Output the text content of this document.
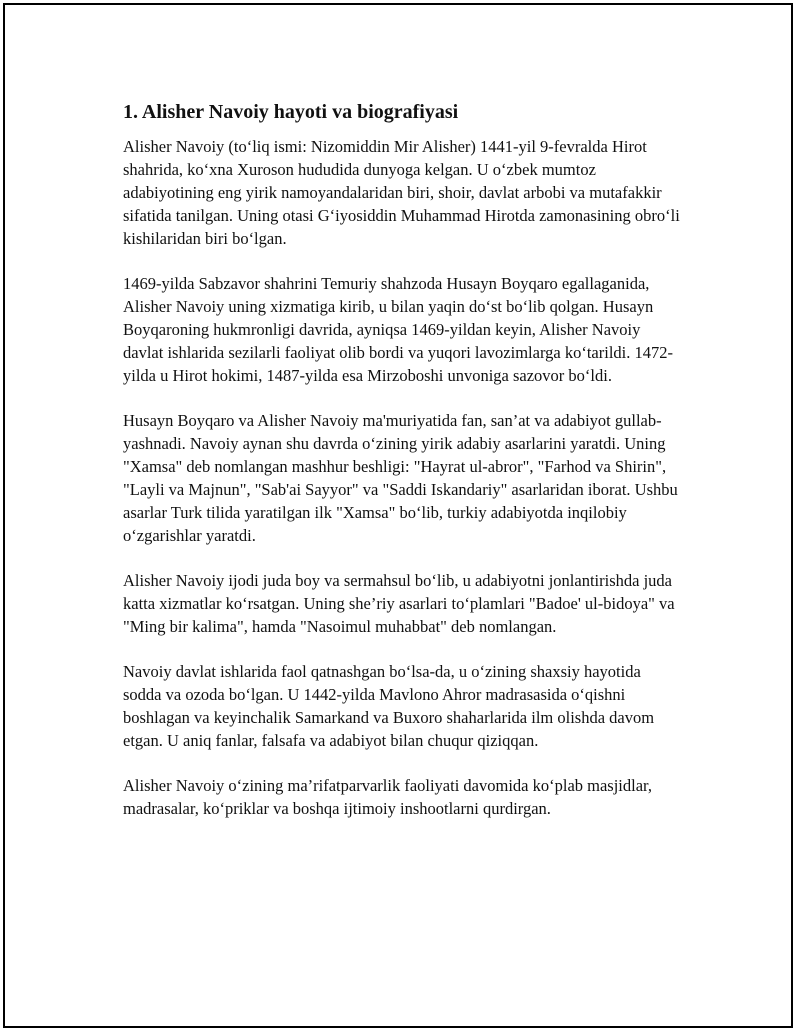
1. Alisher Navoiy hayoti va biografiyasi

Alisher Navoiy (to‘liq ismi: Nizomiddin Mir Alisher) 1441-yil 9-fevralda Hirot shahrida, ko‘xna Xuroson hududida dunyoga kelgan. U o‘zbek mumtoz adabiyotining eng yirik namoyandalaridan biri, shoir, davlat arbobi va mutafakkir sifatida tanilgan. Uning otasi G‘iyosiddin Muhammad Hirotda zamonasining obro‘li kishilaridan biri bo‘lgan.

1469-yilda Sabzavor shahrini Temuriy shahzoda Husayn Boyqaro egallaganida, Alisher Navoiy uning xizmatiga kirib, u bilan yaqin do‘st bo‘lib qolgan. Husayn Boyqaroning hukmronligi davrida, ayniqsa 1469-yildan keyin, Alisher Navoiy davlat ishlarida sezilarli faoliyat olib bordi va yuqori lavozimlarga ko‘tarildi. 1472-yilda u Hirot hokimi, 1487-yilda esa Mirzoboshi unvoniga sazovor bo‘ldi.

Husayn Boyqaro va Alisher Navoiy ma'muriyatida fan, san’at va adabiyot gullab-yashnadi. Navoiy aynan shu davrda o‘zining yirik adabiy asarlarini yaratdi. Uning "Xamsa" deb nomlangan mashhur beshligi: "Hayrat ul-abror", "Farhod va Shirin", "Layli va Majnun", "Sab'ai Sayyor" va "Saddi Iskandariy" asarlaridan iborat. Ushbu asarlar Turk tilida yaratilgan ilk "Xamsa" bo‘lib, turkiy adabiyotda inqilobiy o‘zgarishlar yaratdi.

Alisher Navoiy ijodi juda boy va sermahsul bo‘lib, u adabiyotni jonlantirishda juda katta xizmatlar ko‘rsatgan. Uning she’riy asarlari to‘plamlari "Badoe' ul-bidoya" va "Ming bir kalima", hamda "Nasoimul muhabbat" deb nomlangan.

Navoiy davlat ishlarida faol qatnashgan bo‘lsa-da, u o‘zining shaxsiy hayotida sodda va ozoda bo‘lgan. U 1442-yilda Mavlono Ahror madrasasida o‘qishni boshlagan va keyinchalik Samarkand va Buxoro shaharlarida ilm olishda davom etgan. U aniq fanlar, falsafa va adabiyot bilan chuqur qiziqqan.

Alisher Navoiy o‘zining ma’rifatparvarlik faoliyati davomida ko‘plab masjidlar, madrasalar, ko‘priklar va boshqa ijtimoiy inshootlarni qurdirgan.
